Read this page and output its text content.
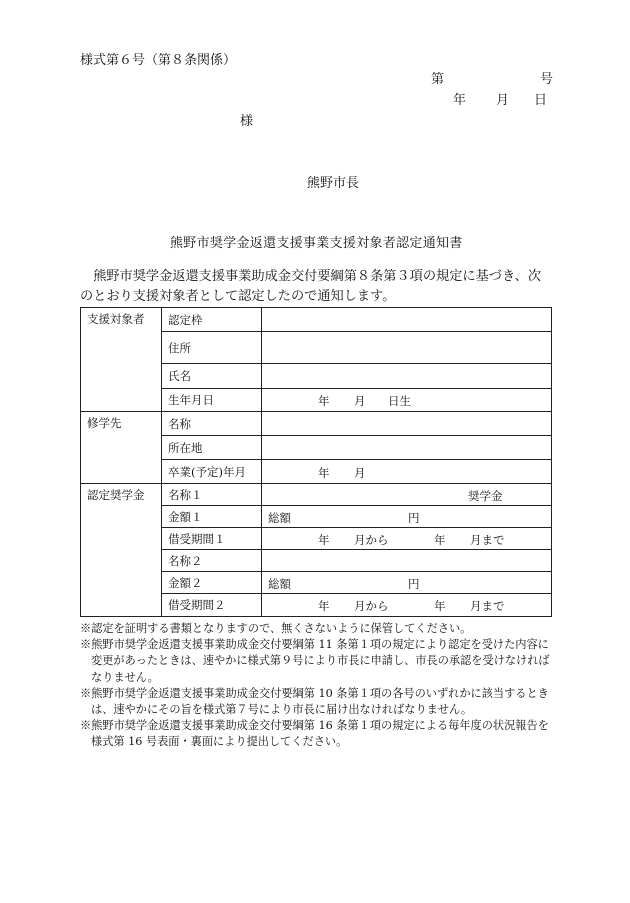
様式第６号（第８条関係）
第	号
年 月 日
様
熊野市長
熊野市奨学金返還支援事業支援対象者認定通知書
　熊野市奨学金返還支援事業助成金交付要綱第８条第３項の規定に基づき、次のとおり支援対象者として認定したので通知します。
支援対象者	認定枠	
	住所	
	氏名	
	生年月日	年 月 日生

修学先	名称	
	所在地	
	卒業(予定)年月	年 月

認定奨学金	名称１	奨学金

	金額１	総額 円

	借受期間１	年 月から 年 月まで

	名称２	
	金額２	総額 円

	借受期間２	年 月から 年 月まで

※認定を証明する書類となりますので、無くさないように保管してください。

※熊野市奨学金返還支援事業助成金交付要綱第 11 条第１項の規定により認定を受けた内容に変更があったときは、速やかに様式第９号により市長に申請し、市長の承認を受けなければなりません。

※熊野市奨学金返還支援事業助成金交付要綱第 10 条第１項の各号のいずれかに該当するときは、速やかにその旨を様式第７号により市長に届け出なければなりません。

※熊野市奨学金返還支援事業助成金交付要綱第 16 条第１項の規定による毎年度の状況報告を様式第 16 号表面・裏面により提出してください。
